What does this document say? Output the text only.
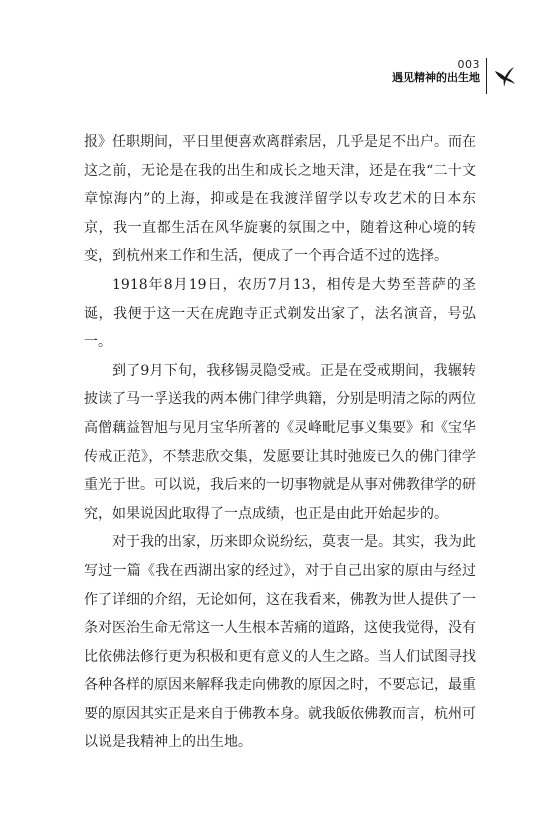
003
遇见精神的出生地

报》任职期间，平日里便喜欢离群索居，几乎是足不出户。而在这之前，无论是在我的出生和成长之地天津，还是在我“二十文章惊海内”的上海，抑或是在我渡洋留学以专攻艺术的日本东京，我一直都生活在风华旋裹的氛围之中，随着这种心境的转变，到杭州来工作和生活，便成了一个再合适不过的选择。

1918年8月19日，农历7月13，相传是大势至菩萨的圣诞，我便于这一天在虎跑寺正式剃发出家了，法名演音，号弘一。

到了9月下旬，我移锡灵隐受戒。正是在受戒期间，我辗转披读了马一孚送我的两本佛门律学典籍，分别是明清之际的两位高僧藕益智旭与见月宝华所著的《灵峰毗尼事义集要》和《宝华传戒正范》，不禁悲欣交集，发愿要让其时弛废已久的佛门律学重光于世。可以说，我后来的一切事物就是从事对佛教律学的研究，如果说因此取得了一点成绩，也正是由此开始起步的。

对于我的出家，历来即众说纷纭，莫衷一是。其实，我为此写过一篇《我在西湖出家的经过》，对于自己出家的原由与经过作了详细的介绍，无论如何，这在我看来，佛教为世人提供了一条对医治生命无常这一人生根本苦痛的道路，这使我觉得，没有比依佛法修行更为积极和更有意义的人生之路。当人们试图寻找各种各样的原因来解释我走向佛教的原因之时，不要忘记，最重要的原因其实正是来自于佛教本身。就我皈依佛教而言，杭州可以说是我精神上的出生地。
